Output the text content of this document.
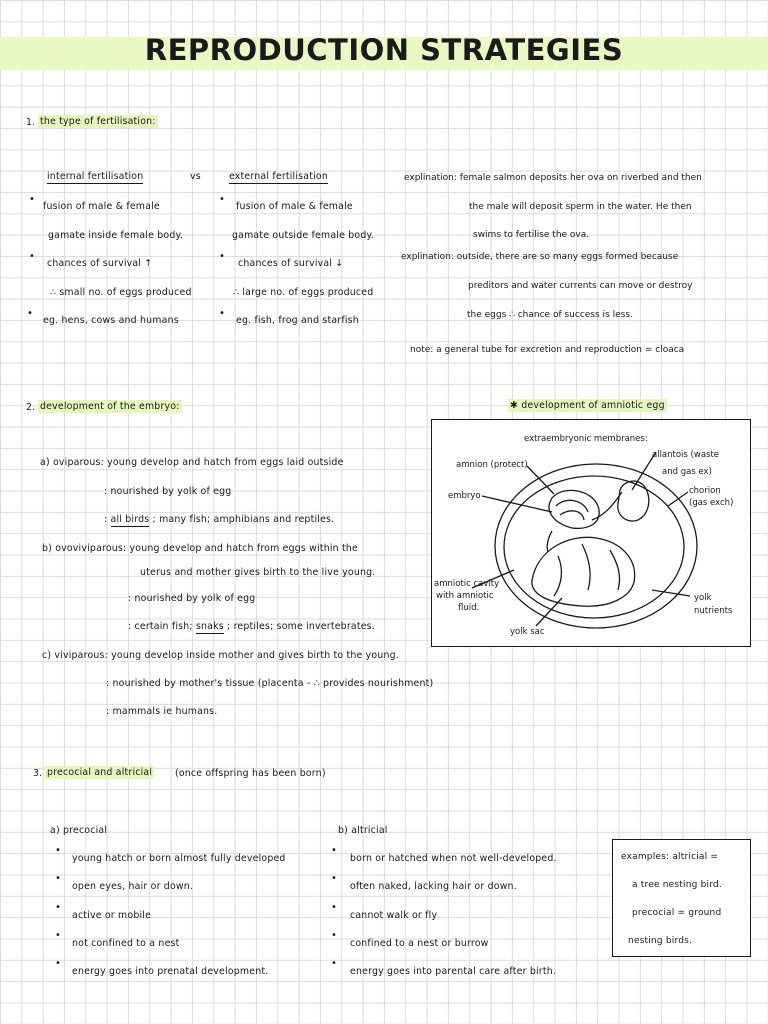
REPRODUCTION STRATEGIES
1. the type of fertilisation:
internal fertilisation	vs	external fertilisation
•
fusion of male & female
gamate inside female body.
•
chances of survival ↑
∴ small no. of eggs produced
•
eg. hens, cows and humans
•
fusion of male & female
gamate outside female body.
•
chances of survival ↓
∴ large no. of eggs produced
•
eg. fish, frog and starfish
explination: female salmon deposits her ova on riverbed and then
the male will deposit sperm in the water. He then
swims to fertilise the ova.
explination: outside, there are so many eggs formed because
preditors and water currents can move or destroy
the eggs ∴ chance of success is less.
note: a general tube for excretion and reproduction = cloaca
2. development of the embryo:
a) oviparous: young develop and hatch from eggs laid outside
: nourished by yolk of egg
: all birds ; many fish; amphibians and reptiles.
b) ovoviviparous: young develop and hatch from eggs within the
uterus and mother gives birth to the live young.
: nourished by yolk of egg
: certain fish; snaks ; reptiles; some invertebrates.
c) viviparous: young develop inside mother and gives birth to the young.
: nourished by mother's tissue (placenta - ∴ provides nourishment)
: mammals ie humans.
✱ development of amniotic egg
extraembryonic membranes:
amnion (protect)
embryo
allantois (waste
and gas ex)
chorion
(gas exch)
amniotic cavity
with amniotic
fluid.
yolk
nutrients
yolk sac
3. precocial and altricial (once offspring has been born)
a) precocial
•
young hatch or born almost fully developed
•
open eyes, hair or down.
•
active or mobile
•
not confined to a nest
•
energy goes into prenatal development.
b) altricial
•
born or hatched when not well-developed.
•
often naked, lacking hair or down.
•
cannot walk or fly
•
confined to a nest or burrow
•
energy goes into parental care after birth.
examples: altricial =
a tree nesting bird.
precocial = ground
nesting birds.
